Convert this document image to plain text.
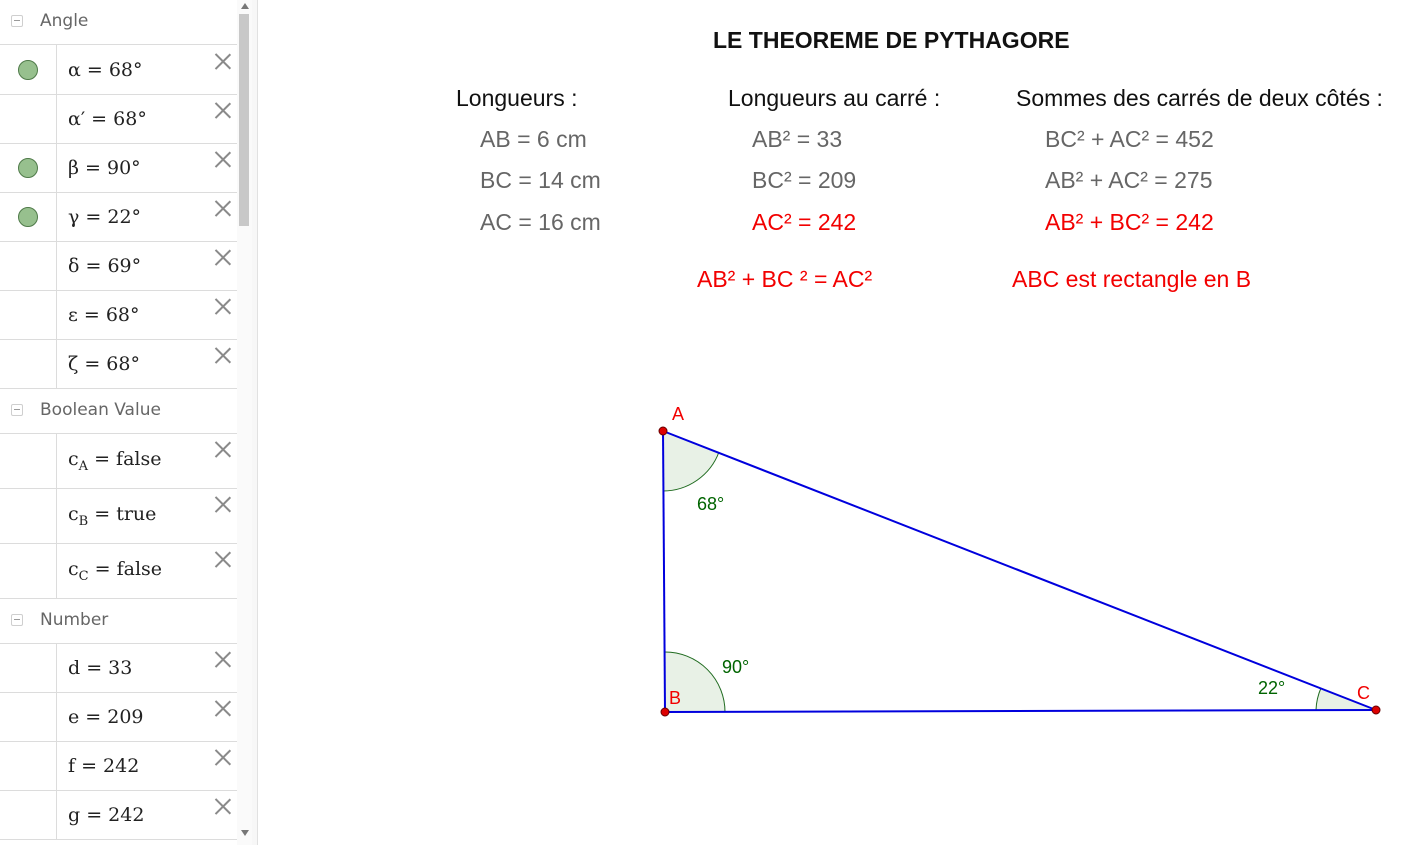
Angle
α = 68°
α′ = 68°
β = 90°
γ = 22°
δ = 69°
ε = 68°
ζ = 68°
Boolean Value
$c_A$ = false
$c_B$ = true
$c_C$ = false
Number
d = 33
e = 209
f = 242
g = 242
LE THEOREME DE PYTHAGORE
Longueurs :
AB = 6 cm
BC = 14 cm
AC = 16 cm
Longueurs au carré :
AB² = 33
BC² = 209
AC² = 242
Sommes des carrés de deux côtés :
BC² + AC² = 452
AB² + AC² = 275
AB² + BC² = 242
AB² + BC ² = AC²	ABC est rectangle en B
A
B	C
68°
90°
22°
